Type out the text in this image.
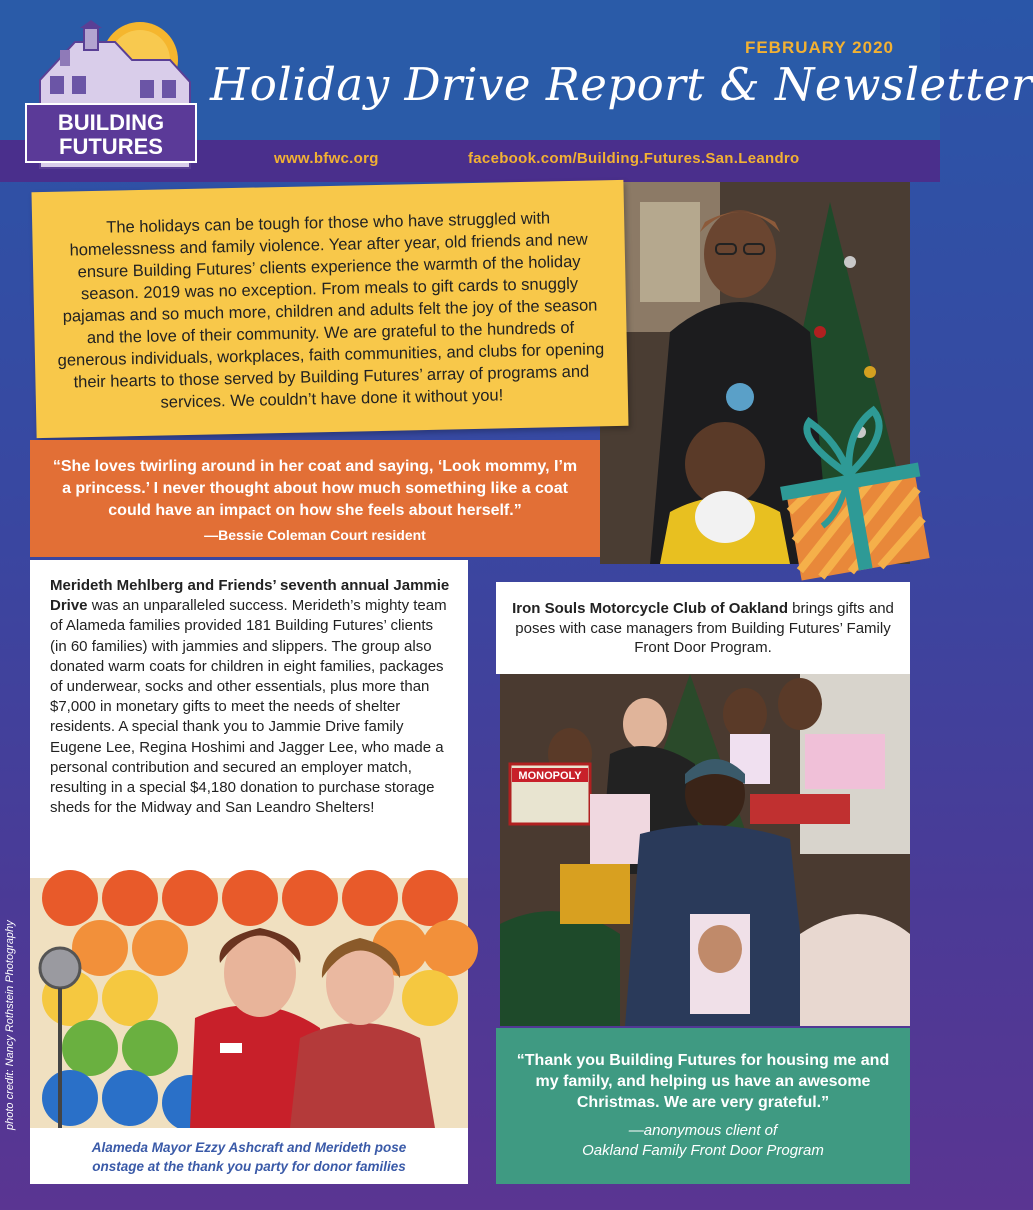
BUILDING
FUTURES
FEBRUARY 2020
Holiday Drive Report & Newsletter
www.bfwc.org	facebook.com/Building.Futures.San.Leandro

The holidays can be tough for those who have struggled with homelessness and family violence. Year after year, old friends and new ensure Building Futures’ clients experience the warmth of the holiday season. 2019 was no exception. From meals to gift cards to snuggly pajamas and so much more, children and adults felt the joy of the season and the love of their community. We are grateful to the hundreds of generous individuals, workplaces, faith communities, and clubs for opening their hearts to those served by Building Futures’ array of programs and services. We couldn’t have done it without you!

“She loves twirling around in her coat and saying, ‘Look mommy, I’m a princess.’ I never thought about how much something like a coat could have an impact on how she feels about herself.”
—Bessie Coleman Court resident

Merideth Mehlberg and Friends’ seventh annual Jammie Drive was an unparalleled success. Merideth’s mighty team of Alameda families provided 181 Building Futures’ clients (in 60 families) with jammies and slippers. The group also donated warm coats for children in eight families, packages of underwear, socks and other essentials, plus more than $7,000 in monetary gifts to meet the needs of shelter residents. A special thank you to Jammie Drive family Eugene Lee, Regina Hoshimi and Jagger Lee, who made a personal contribution and secured an employer match, resulting in a special $4,180 donation to purchase storage sheds for the Midway and San Leandro Shelters!

Alameda Mayor Ezzy Ashcraft and Merideth pose
onstage at the thank you party for donor families
photo credit: Nancy Rothstein Photography

Iron Souls Motorcycle Club of Oakland brings gifts and poses with case managers from Building Futures’ Family Front Door Program.

MONOPOLY
“Thank you Building Futures for housing me and my family, and helping us have an awesome Christmas. We are very grateful.”
—anonymous client of
Oakland Family Front Door Program
